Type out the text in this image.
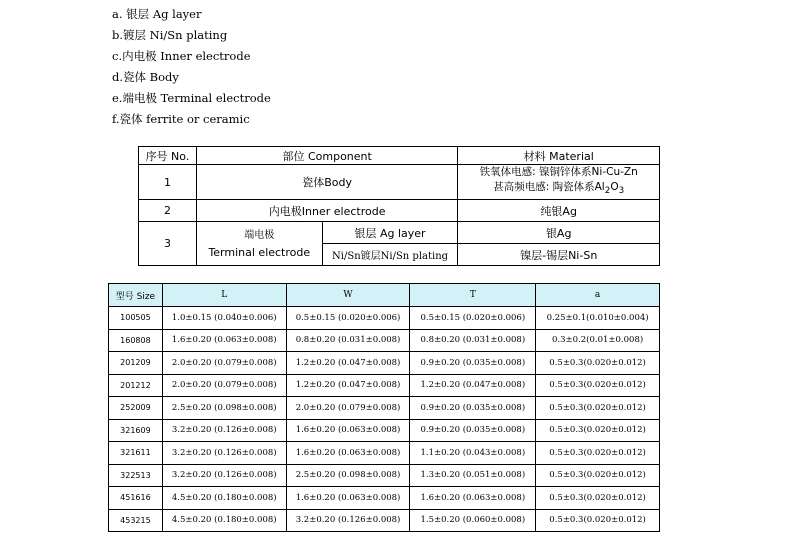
a. 银层 Ag layer
b.镀层 Ni/Sn plating
c.内电极 Inner electrode
d.瓷体 Body
e.端电极 Terminal electrode
f.瓷体 ferrite or ceramic
序号 No.	部位 Component		材料 Material
1	瓷体Body		铁氧体电感: 镍铜锌体系Ni-Cu-Zn
甚高频电感: 陶瓷体系$Al_2O_3$

2	内电极Inner electrode		纯银Ag
3	端电极
Terminal electrode	银层 Ag layer	银Ag
		Ni/Sn镀层Ni/Sn plating	镍层-锡层Ni-Sn
型号 Size	L	W	T	a
100505	1.0±0.15 (0.040±0.006)	0.5±0.15 (0.020±0.006)	0.5±0.15 (0.020±0.006)	0.25±0.1(0.010±0.004)
160808	1.6±0.20 (0.063±0.008)	0.8±0.20 (0.031±0.008)	0.8±0.20 (0.031±0.008)	0.3±0.2(0.01±0.008)
201209	2.0±0.20 (0.079±0.008)	1.2±0.20 (0.047±0.008)	0.9±0.20 (0.035±0.008)	0.5±0.3(0.020±0.012)
201212	2.0±0.20 (0.079±0.008)	1.2±0.20 (0.047±0.008)	1.2±0.20 (0.047±0.008)	0.5±0.3(0.020±0.012)
252009	2.5±0.20 (0.098±0.008)	2.0±0.20 (0.079±0.008)	0.9±0.20 (0.035±0.008)	0.5±0.3(0.020±0.012)
321609	3.2±0.20 (0.126±0.008)	1.6±0.20 (0.063±0.008)	0.9±0.20 (0.035±0.008)	0.5±0.3(0.020±0.012)
321611	3.2±0.20 (0.126±0.008)	1.6±0.20 (0.063±0.008)	1.1±0.20 (0.043±0.008)	0.5±0.3(0.020±0.012)
322513	3.2±0.20 (0.126±0.008)	2.5±0.20 (0.098±0.008)	1.3±0.20 (0.051±0.008)	0.5±0.3(0.020±0.012)
451616	4.5±0.20 (0.180±0.008)	1.6±0.20 (0.063±0.008)	1.6±0.20 (0.063±0.008)	0.5±0.3(0.020±0.012)
453215	4.5±0.20 (0.180±0.008)	3.2±0.20 (0.126±0.008)	1.5±0.20 (0.060±0.008)	0.5±0.3(0.020±0.012)
